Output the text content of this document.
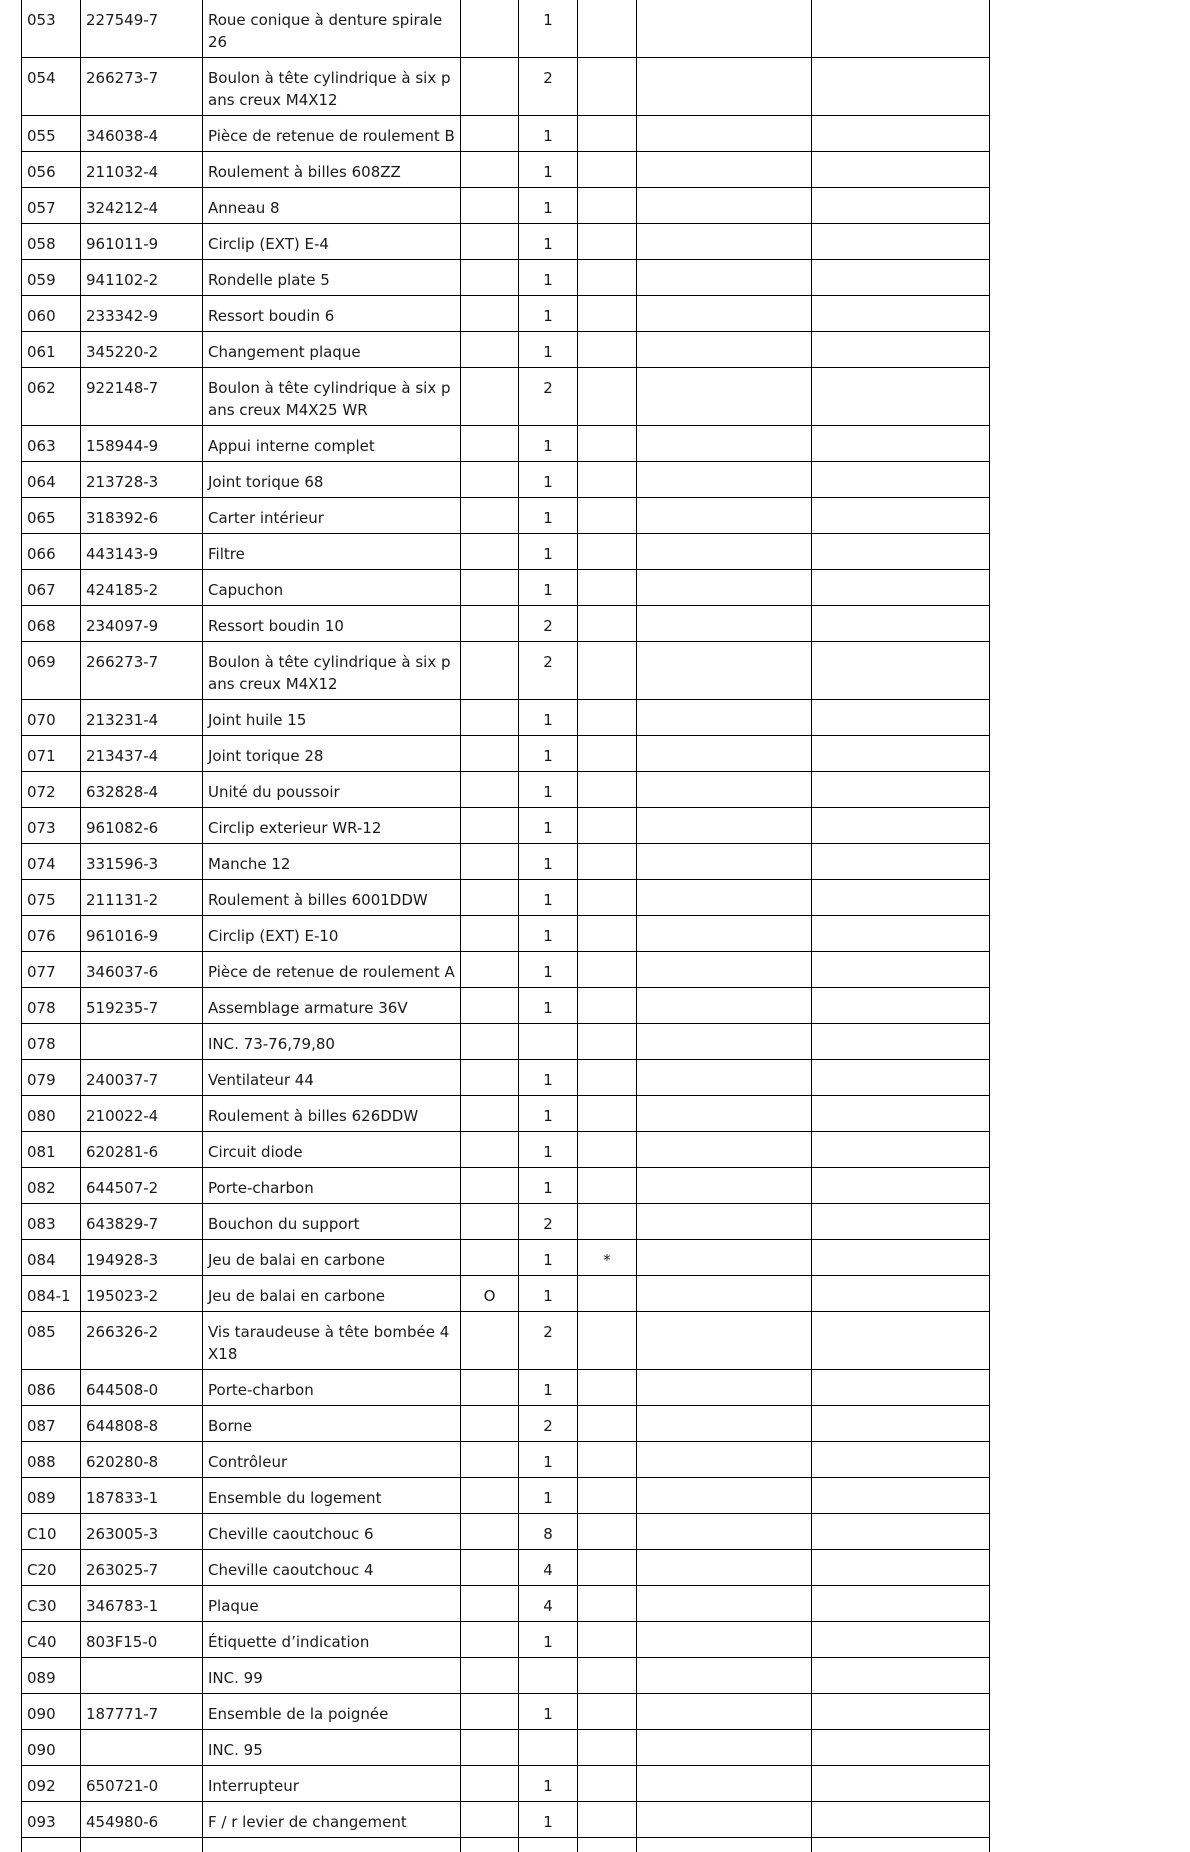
053	227549-7	Roue conique à denture spirale 26		1			
054	266273-7	Boulon à tête cylindrique à six pans creux M4X12		2			
055	346038-4	Pièce de retenue de roulement B		1			
056	211032-4	Roulement à billes 608ZZ		1			
057	324212-4	Anneau 8		1			
058	961011-9	Circlip (EXT) E-4		1			
059	941102-2	Rondelle plate 5		1			
060	233342-9	Ressort boudin 6		1			
061	345220-2	Changement plaque		1			
062	922148-7	Boulon à tête cylindrique à six pans creux M4X25 WR		2			
063	158944-9	Appui interne complet		1			
064	213728-3	Joint torique 68		1			
065	318392-6	Carter intérieur		1			
066	443143-9	Filtre		1			
067	424185-2	Capuchon		1			
068	234097-9	Ressort boudin 10		2			
069	266273-7	Boulon à tête cylindrique à six pans creux M4X12		2			
070	213231-4	Joint huile 15		1			
071	213437-4	Joint torique 28		1			
072	632828-4	Unité du poussoir		1			
073	961082-6	Circlip exterieur WR-12		1			
074	331596-3	Manche 12		1			
075	211131-2	Roulement à billes 6001DDW		1			
076	961016-9	Circlip (EXT) E-10		1			
077	346037-6	Pièce de retenue de roulement A		1			
078	519235-7	Assemblage armature 36V		1			
078		INC. 73-76,79,80					
079	240037-7	Ventilateur 44		1			
080	210022-4	Roulement à billes 626DDW		1			
081	620281-6	Circuit diode		1			
082	644507-2	Porte-charbon		1			
083	643829-7	Bouchon du support		2			
084	194928-3	Jeu de balai en carbone		1	*		
084-1	195023-2	Jeu de balai en carbone	O	1			
085	266326-2	Vis taraudeuse à tête bombée 4X18		2			
086	644508-0	Porte-charbon		1			
087	644808-8	Borne		2			
088	620280-8	Contrôleur		1			
089	187833-1	Ensemble du logement		1			
C10	263005-3	Cheville caoutchouc 6		8			
C20	263025-7	Cheville caoutchouc 4		4			
C30	346783-1	Plaque		4			
C40	803F15-0	Étiquette d’indication		1			
089		INC. 99					
090	187771-7	Ensemble de la poignée		1			
090		INC. 95					
092	650721-0	Interrupteur		1			
093	454980-6	F / r levier de changement		1			
